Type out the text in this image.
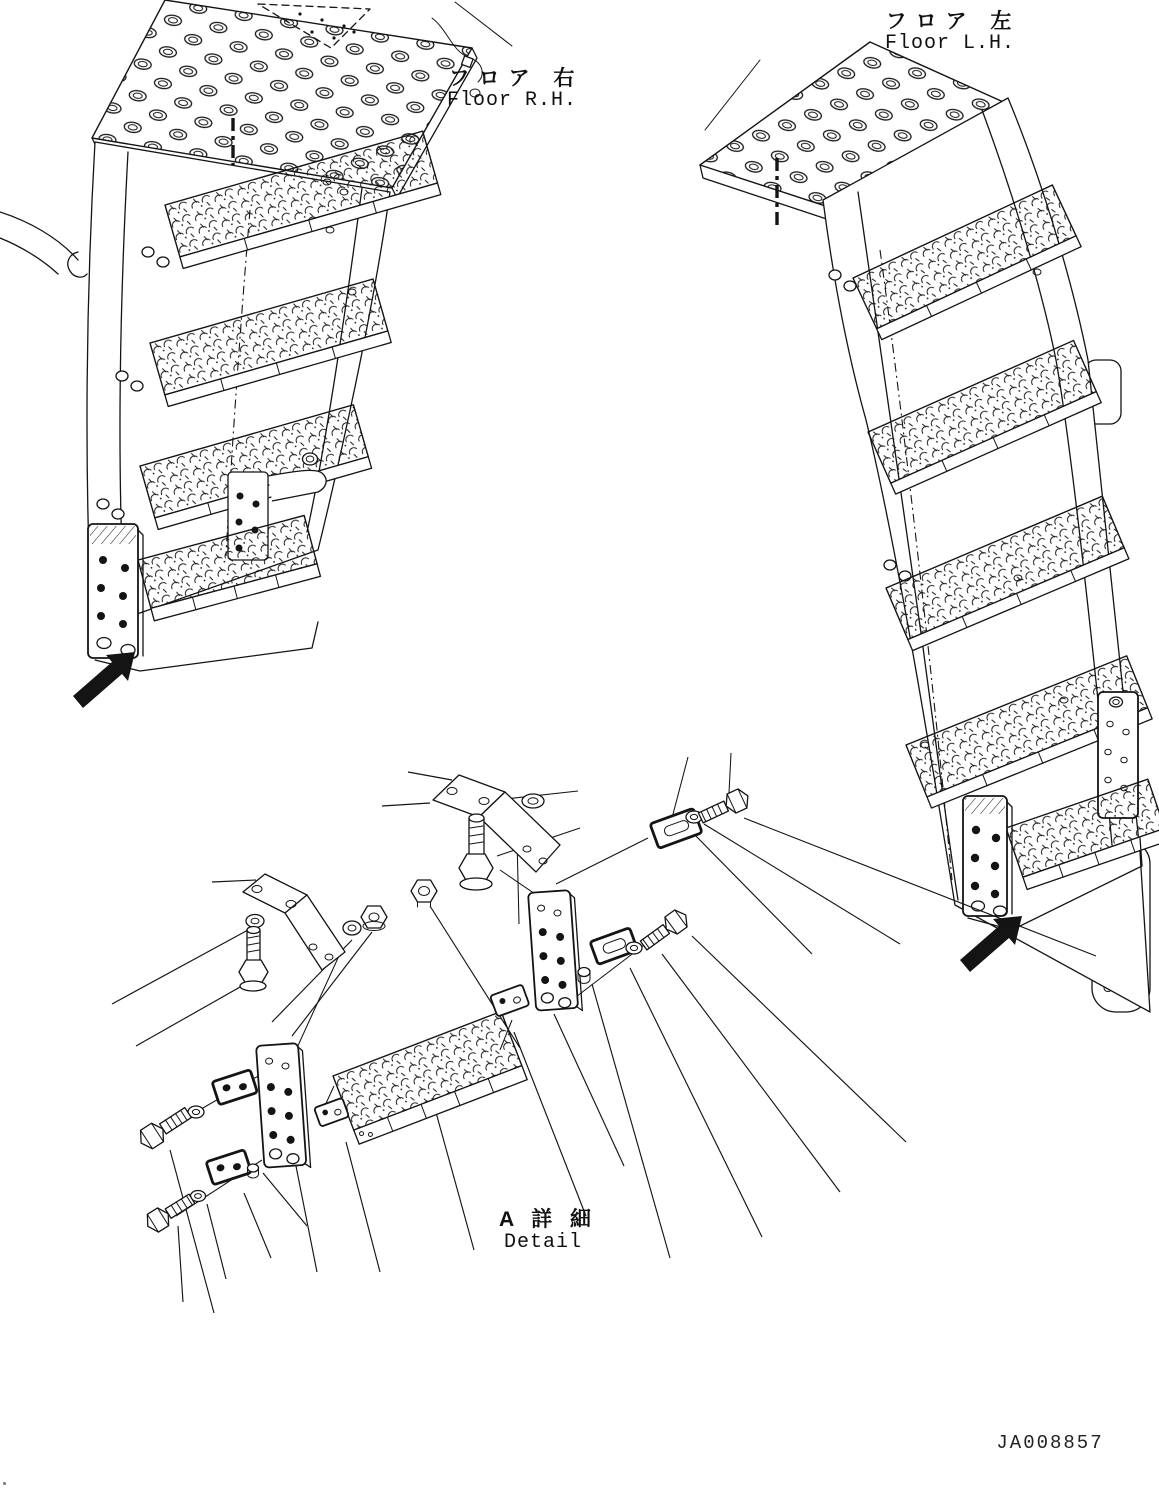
フロア 右
Floor R.H.
フロア 左
Floor L.H.
A 詳 細
Detail
JA008857
